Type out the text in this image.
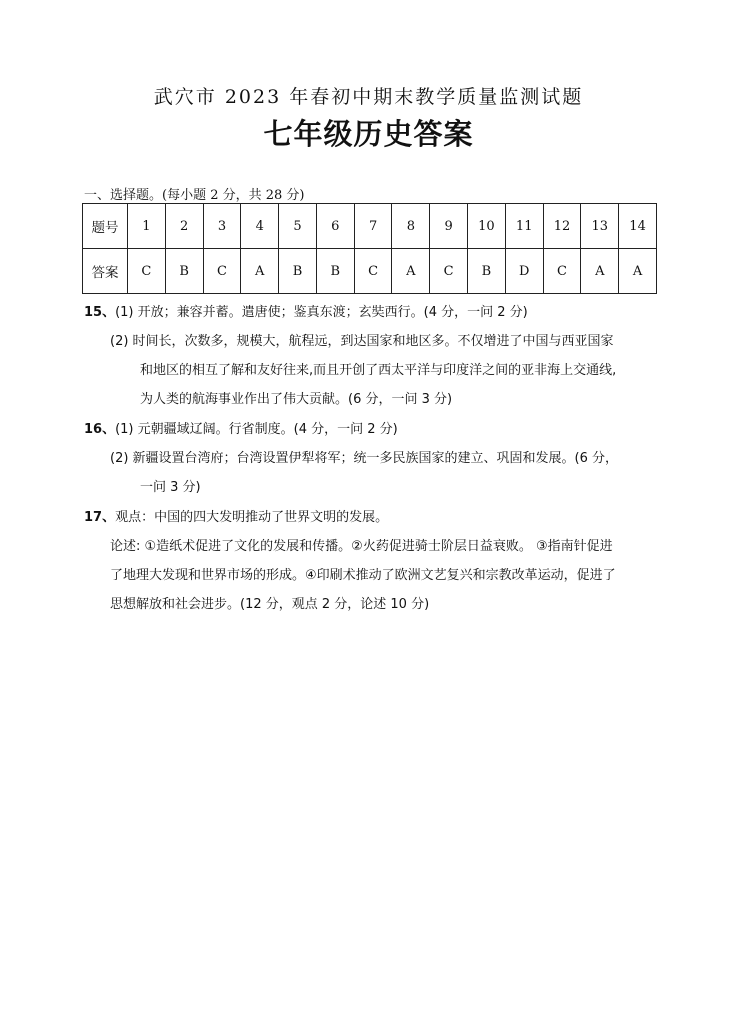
武穴市 2023 年春初中期末教学质量监测试题
七年级历史答案
一、选择题。(每小题 2 分，共 28 分)
题号	1	2	3	4	5	6	7	8	9	10	11	12	13	14
答案	C	B	C	A	B	B	C	A	C	B	D	C	A	A
15、(1) 开放；兼容并蓄。遣唐使；鉴真东渡；玄奘西行。(4 分，一问 2 分)
(2) 时间长，次数多，规模大，航程远，到达国家和地区多。不仅增进了中国与西亚国家
和地区的相互了解和友好往来,而且开创了西太平洋与印度洋之间的亚非海上交通线,
为人类的航海事业作出了伟大贡献。(6 分，一问 3 分)
16、(1) 元朝疆域辽阔。行省制度。(4 分，一问 2 分)
(2) 新疆设置台湾府；台湾设置伊犁将军；统一多民族国家的建立、巩固和发展。(6 分，
一问 3 分)
17、观点：中国的四大发明推动了世界文明的发展。
论述: ①造纸术促进了文化的发展和传播。②火药促进骑士阶层日益衰败。 ③指南针促进
了地理大发现和世界市场的形成。④印刷术推动了欧洲文艺复兴和宗教改革运动，促进了
思想解放和社会进步。(12 分，观点 2 分，论述 10 分)
